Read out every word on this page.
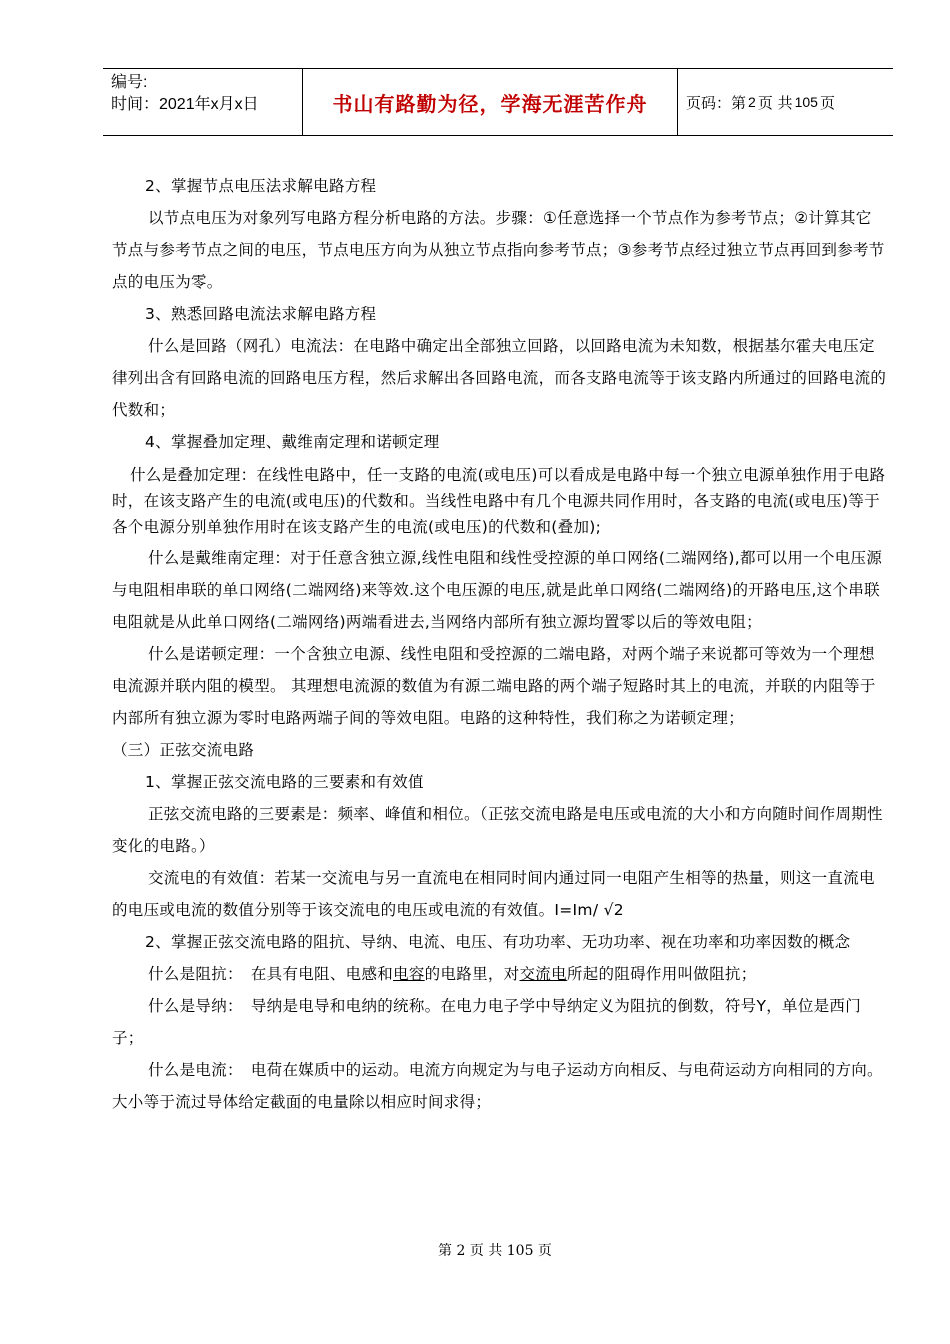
编号:
时间：2021年x月x日	书山有路勤为径，学海无涯苦作舟	页码：第 2 页 共 105 页

2、掌握节点电压法求解电路方程

以节点电压为对象列写电路方程分析电路的方法。步骤：①任意选择一个节点作为参考节点；②计算其它节点与参考节点之间的电压，节点电压方向为从独立节点指向参考节点；③参考节点经过独立节点再回到参考节点的电压为零。

3、熟悉回路电流法求解电路方程

什么是回路（网孔）电流法：在电路中确定出全部独立回路，以回路电流为未知数，根据基尔霍夫电压定律列出含有回路电流的回路电压方程，然后求解出各回路电流，而各支路电流等于该支路内所通过的回路电流的代数和；

4、掌握叠加定理、戴维南定理和诺顿定理

什么是叠加定理：在线性电路中，任一支路的电流(或电压)可以看成是电路中每一个独立电源单独作用于电路时，在该支路产生的电流(或电压)的代数和。当线性电路中有几个电源共同作用时，各支路的电流(或电压)等于各个电源分别单独作用时在该支路产生的电流(或电压)的代数和(叠加);

什么是戴维南定理：对于任意含独立源,线性电阻和线性受控源的单口网络(二端网络),都可以用一个电压源与电阻相串联的单口网络(二端网络)来等效.这个电压源的电压,就是此单口网络(二端网络)的开路电压,这个串联电阻就是从此单口网络(二端网络)两端看进去,当网络内部所有独立源均置零以后的等效电阻；

什么是诺顿定理：一个含独立电源、线性电阻和受控源的二端电路，对两个端子来说都可等效为一个理想电流源并联内阻的模型。 其理想电流源的数值为有源二端电路的两个端子短路时其上的电流，并联的内阻等于内部所有独立源为零时电路两端子间的等效电阻。电路的这种特性，我们称之为诺顿定理；

（三）正弦交流电路

1、掌握正弦交流电路的三要素和有效值

正弦交流电路的三要素是：频率、峰值和相位。（正弦交流电路是电压或电流的大小和方向随时间作周期性变化的电路。）

交流电的有效值：若某一交流电与另一直流电在相同时间内通过同一电阻产生相等的热量，则这一直流电的电压或电流的数值分别等于该交流电的电压或电流的有效值。I=Im/ √2

2、掌握正弦交流电路的阻抗、导纳、电流、电压、有功功率、无功功率、视在功率和功率因数的概念

什么是阻抗：　在具有电阻、电感和电容的电路里，对交流电所起的阻碍作用叫做阻抗；

什么是导纳：　导纳是电导和电纳的统称。在电力电子学中导纳定义为阻抗的倒数，符号Y，单位是西门子；

什么是电流：　电荷在媒质中的运动。电流方向规定为与电子运动方向相反、与电荷运动方向相同的方向。大小等于流过导体给定截面的电量除以相应时间求得；

第 2 页 共 105 页
